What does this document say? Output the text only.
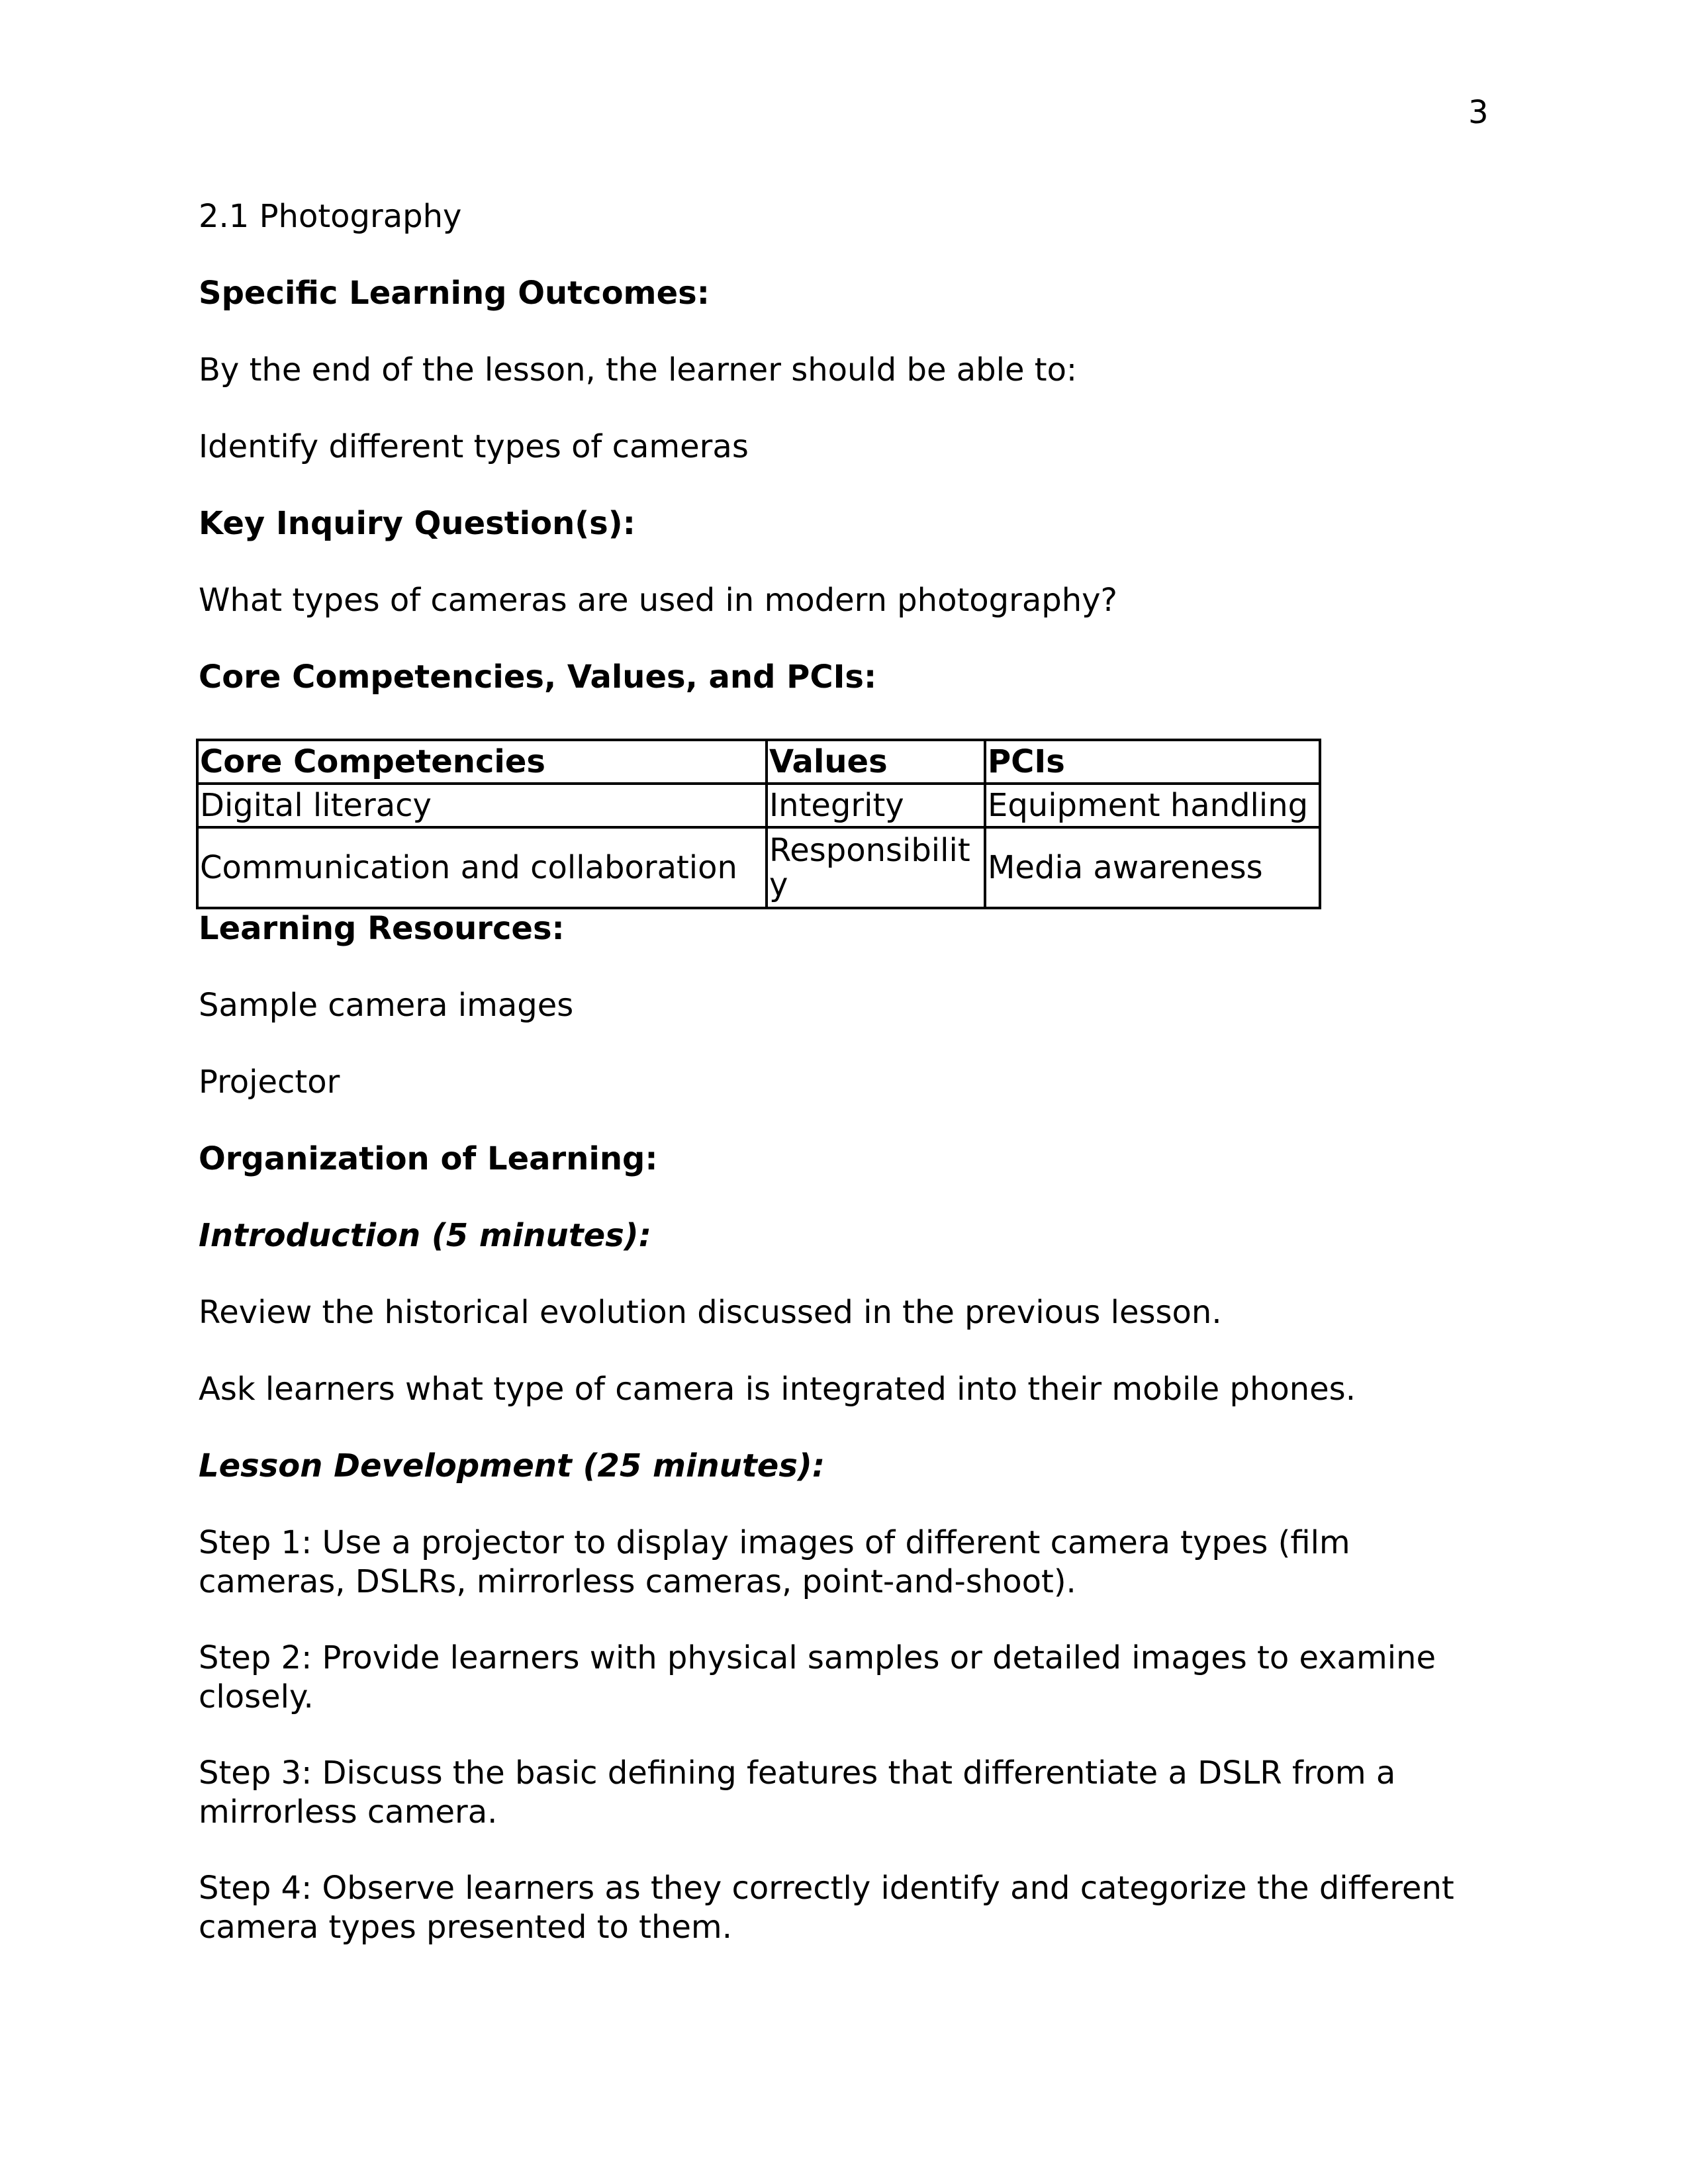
3
2.1 Photography
Specific Learning Outcomes:
By the end of the lesson, the learner should be able to:
Identify different types of cameras
Key Inquiry Question(s):
What types of cameras are used in modern photography?
Core Competencies, Values, and PCIs:
Core Competencies	Values	PCIs
Digital literacy	Integrity	Equipment handling
Communication and collaboration	Responsibility	Media awareness
Learning Resources:
Sample camera images
Projector
Organization of Learning:
Introduction (5 minutes):
Review the historical evolution discussed in the previous lesson.
Ask learners what type of camera is integrated into their mobile phones.
Lesson Development (25 minutes):
Step 1: Use a projector to display images of different camera types (film cameras, DSLRs, mirrorless cameras, point-and-shoot).
Step 2: Provide learners with physical samples or detailed images to examine closely.
Step 3: Discuss the basic defining features that differentiate a DSLR from a mirrorless camera.
Step 4: Observe learners as they correctly identify and categorize the different camera types presented to them.
